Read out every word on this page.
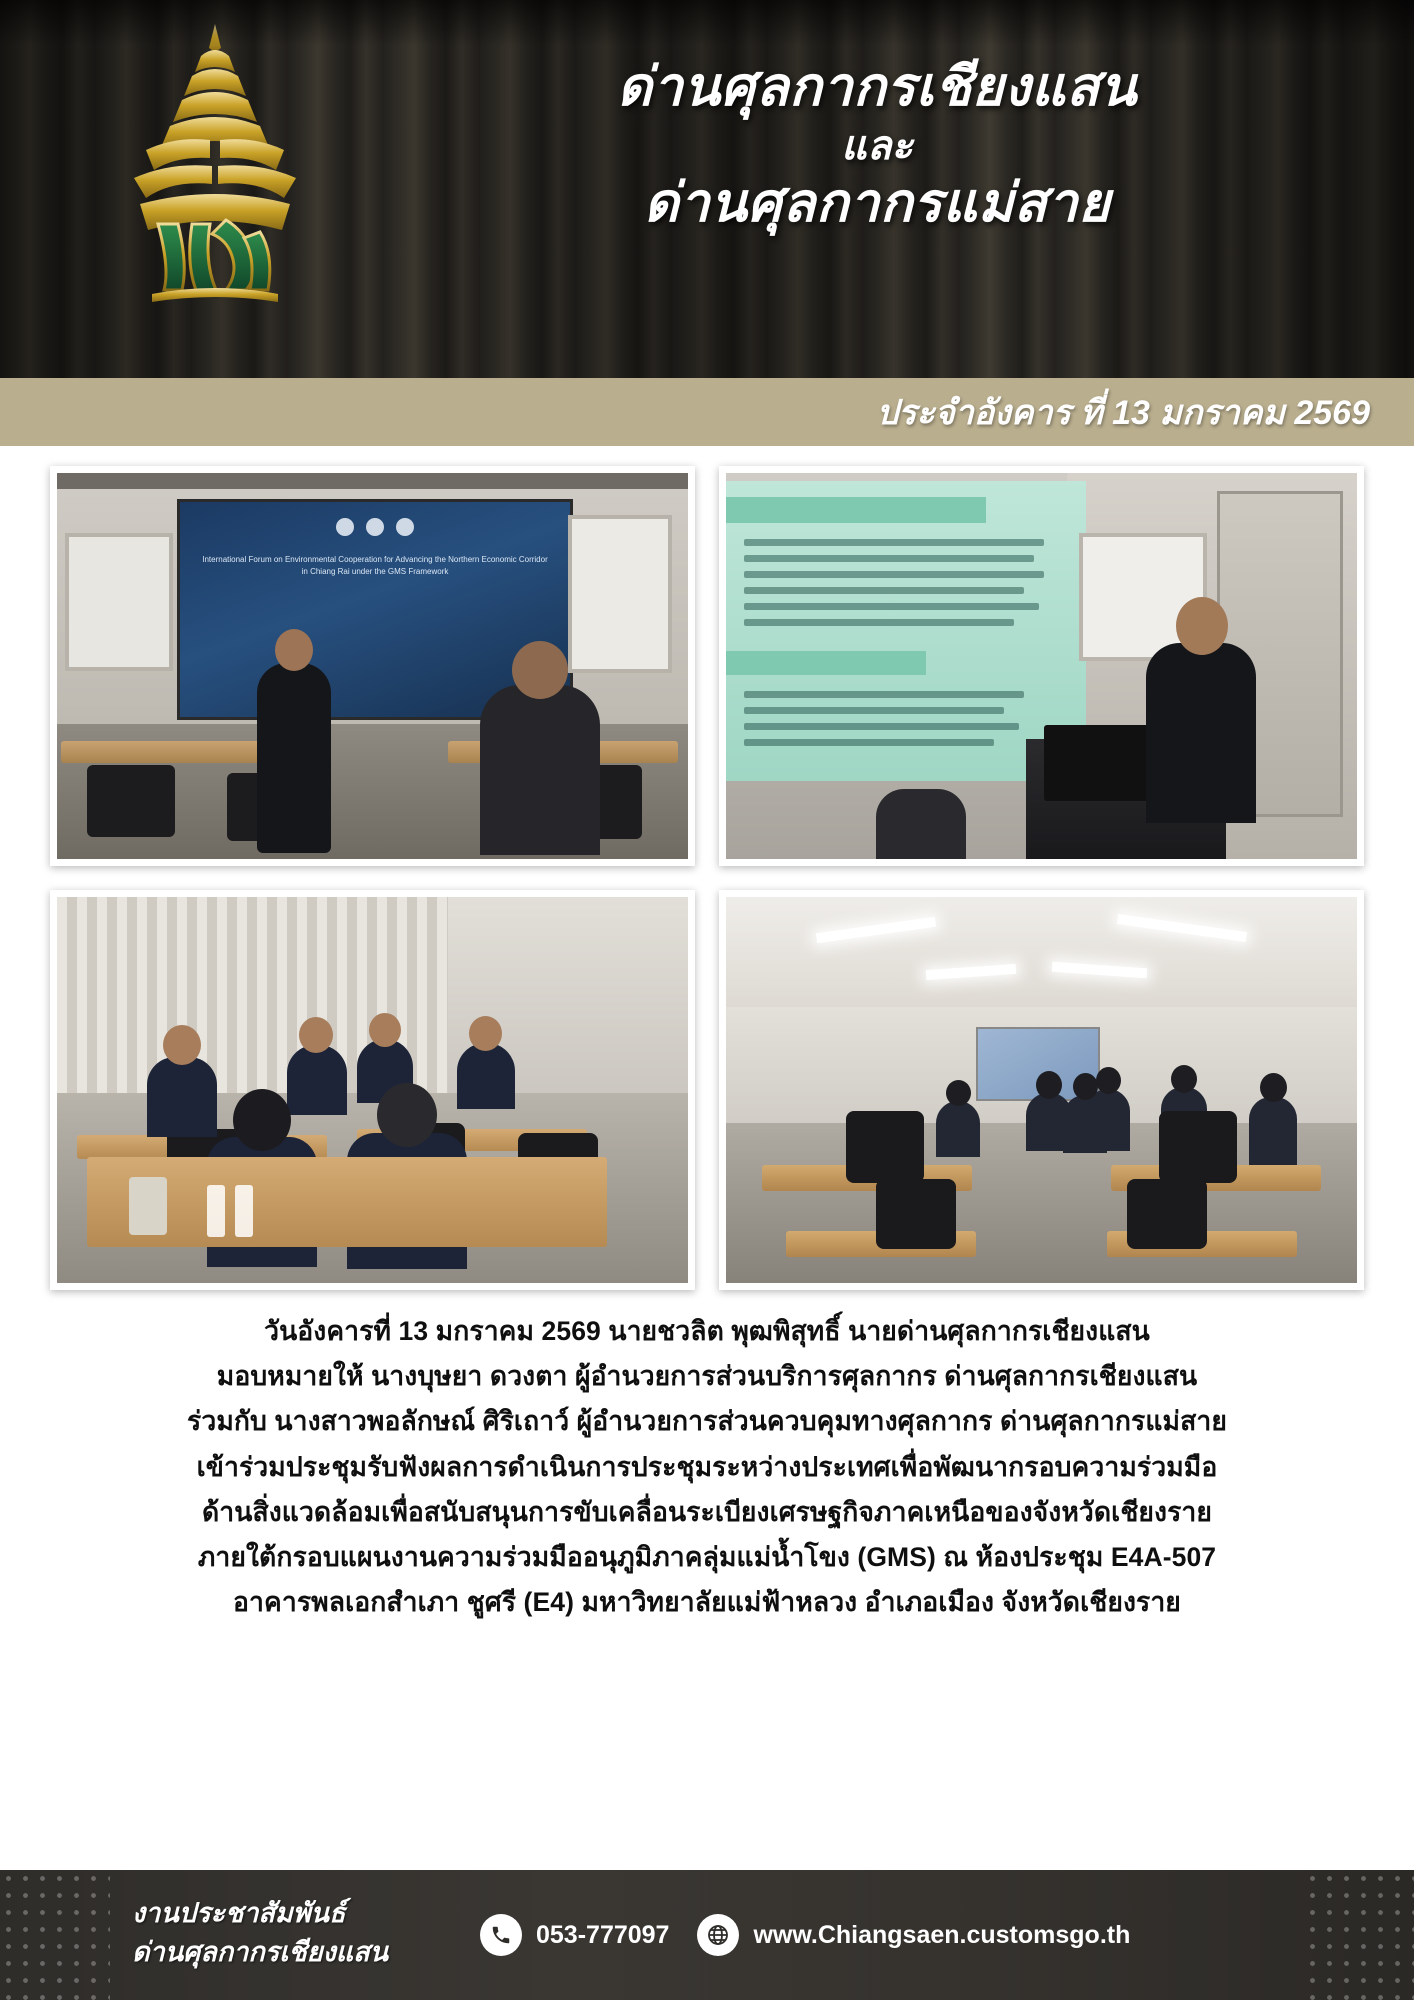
ด่านศุลกากรเชียงแสน
และ
ด่านศุลกากรแม่สาย
ประจำอังคาร ที่ 13 มกราคม 2569
International Forum on Environmental Cooperation for Advancing the Northern Economic Corridor in Chiang Rai under the GMS Framework

วันอังคารที่ 13 มกราคม 2569 นายชวลิต พุฒพิสุทธิ์ นายด่านศุลกากรเชียงแสน

มอบหมายให้ นางบุษยา ดวงตา ผู้อำนวยการส่วนบริการศุลกากร ด่านศุลกากรเชียงแสน

ร่วมกับ นางสาวพอลักษณ์ ศิริเถาว์ ผู้อำนวยการส่วนควบคุมทางศุลกากร ด่านศุลกากรแม่สาย

เข้าร่วมประชุมรับฟังผลการดำเนินการประชุมระหว่างประเทศเพื่อพัฒนากรอบความร่วมมือ

ด้านสิ่งแวดล้อมเพื่อสนับสนุนการขับเคลื่อนระเบียงเศรษฐกิจภาคเหนือของจังหวัดเชียงราย

ภายใต้กรอบแผนงานความร่วมมืออนุภูมิภาคลุ่มแม่น้ำโขง (GMS) ณ ห้องประชุม E4A-507

อาคารพลเอกสำเภา ชูศรี (E4) มหาวิทยาลัยแม่ฟ้าหลวง อำเภอเมือง จังหวัดเชียงราย

งานประชาสัมพันธ์
ด่านศุลกากรเชียงแสน
053-777097	www.Chiangsaen.customsgo.th
